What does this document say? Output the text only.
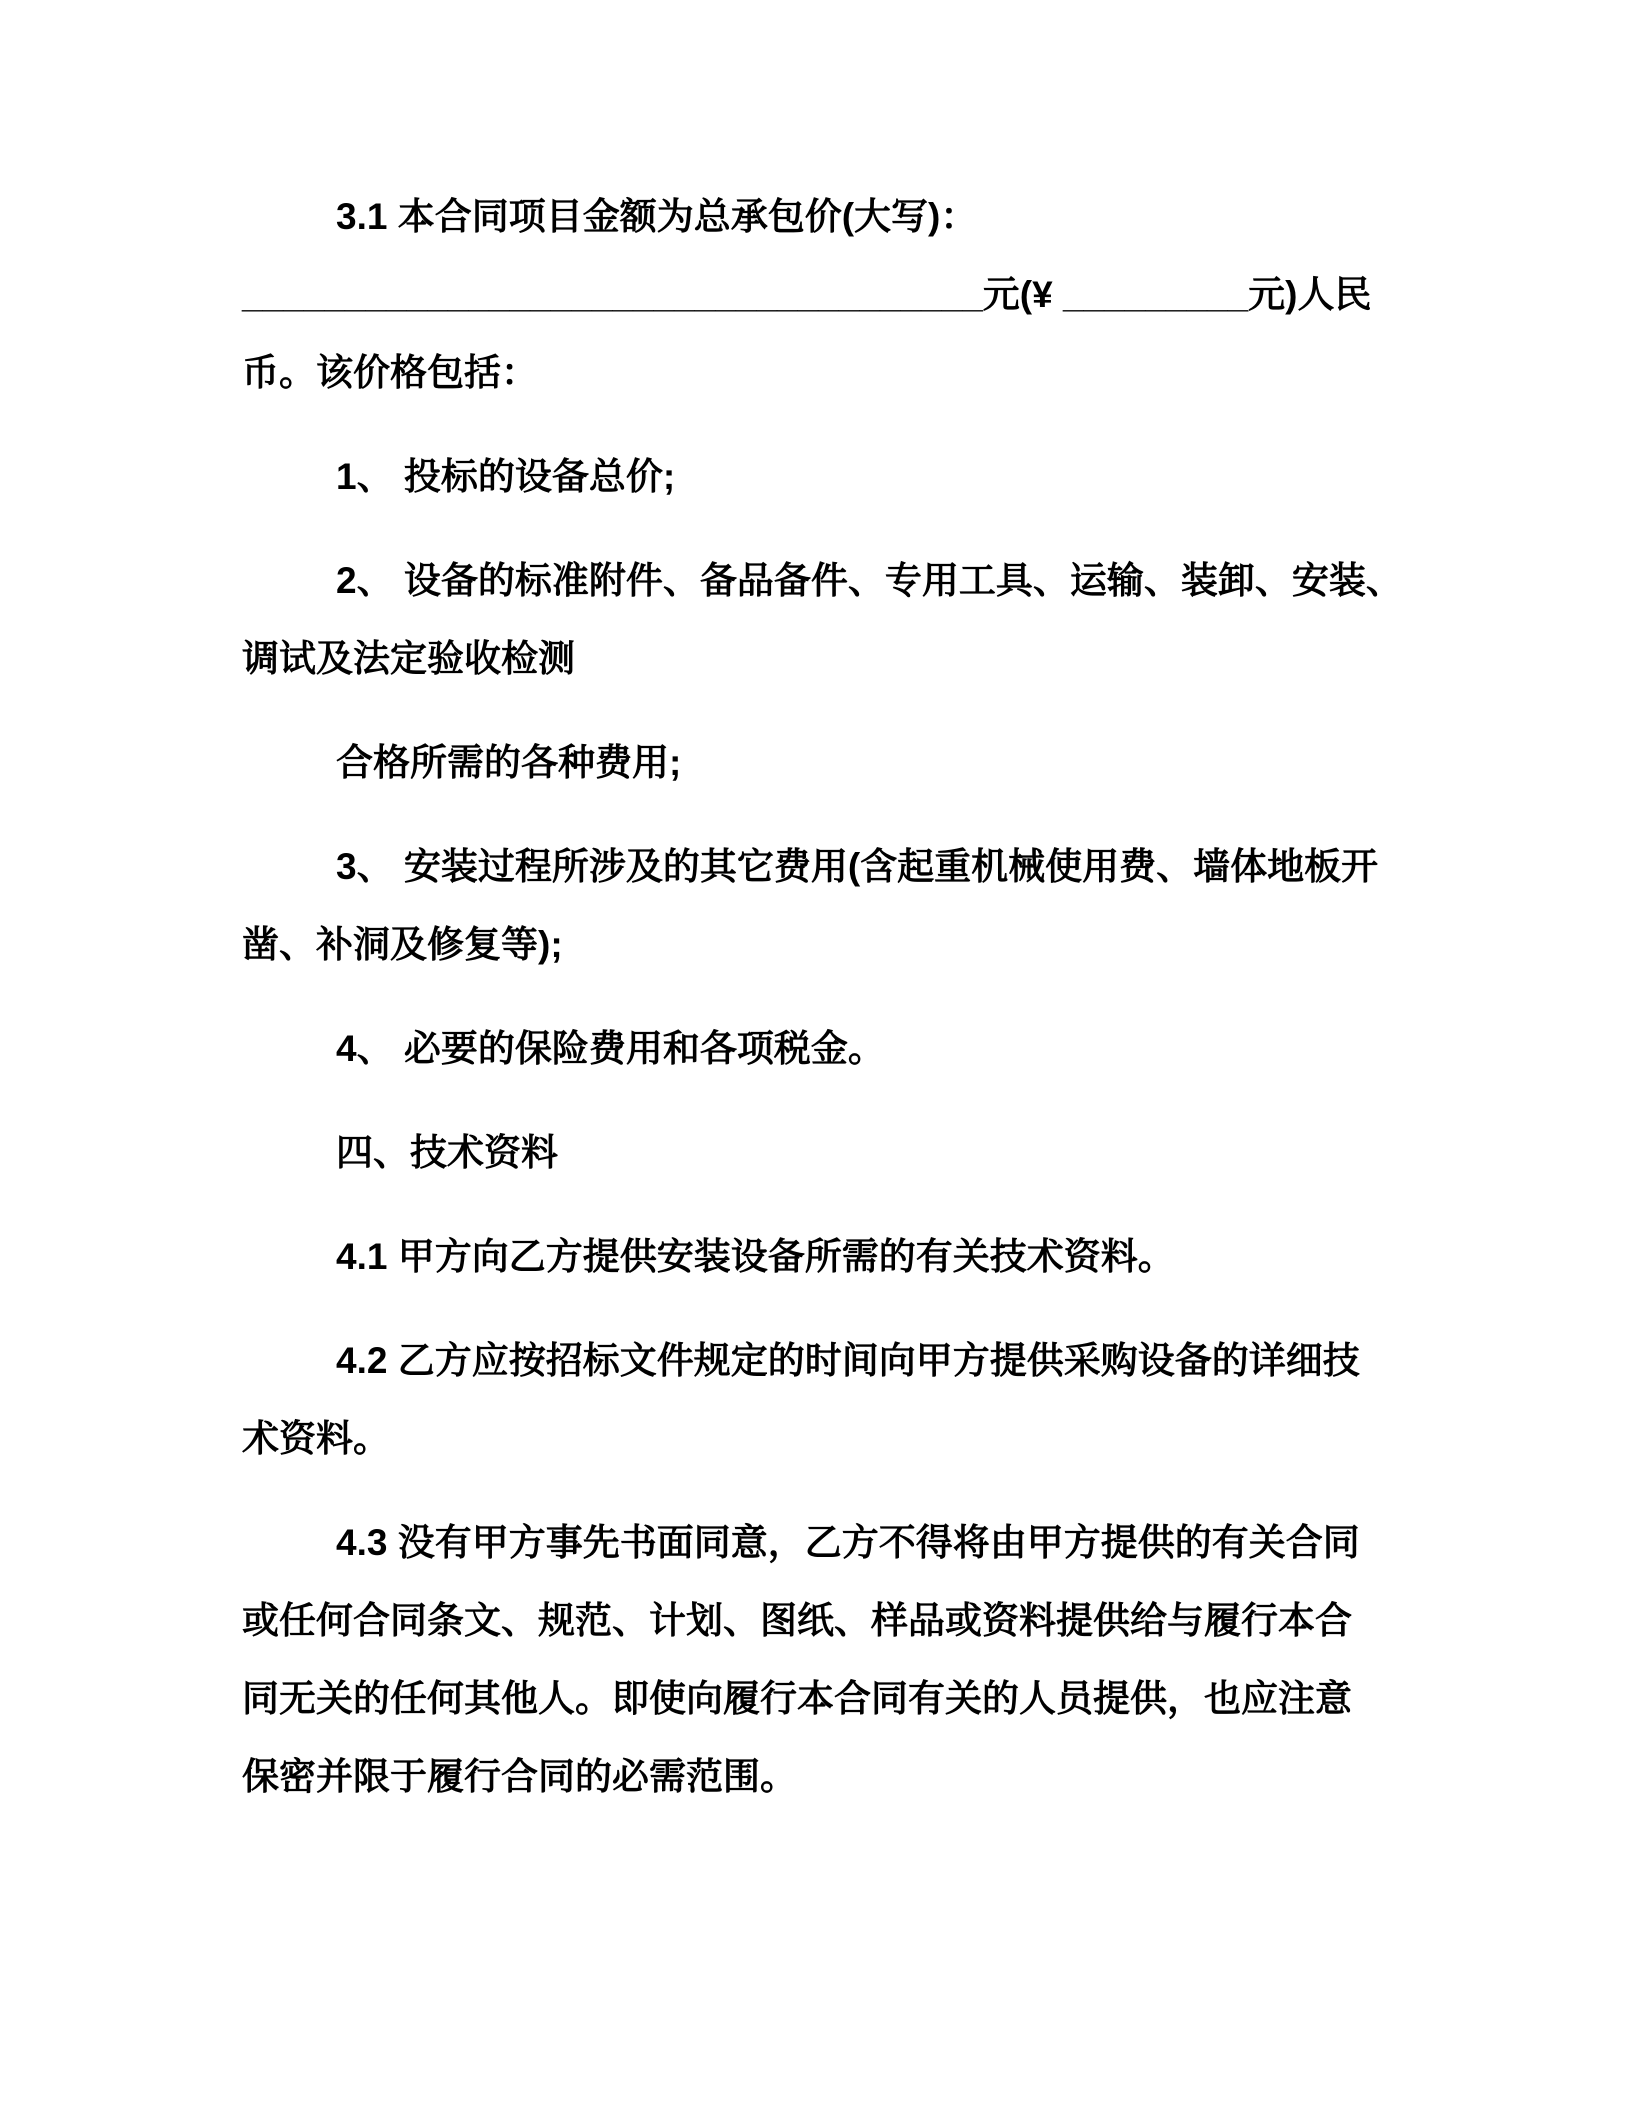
3.1 本合同项目金额为总承包价(大写)：
____________________________________元(¥ _________元)人民
币。该价格包括：

1、 投标的设备总价;

2、 设备的标准附件、备品备件、专用工具、运输、装卸、安装、
调试及法定验收检测

合格所需的各种费用;

3、 安装过程所涉及的其它费用(含起重机械使用费、墙体地板开
凿、补洞及修复等);

4、 必要的保险费用和各项税金。

四、技术资料

4.1 甲方向乙方提供安装设备所需的有关技术资料。

4.2 乙方应按招标文件规定的时间向甲方提供采购设备的详细技
术资料。

4.3 没有甲方事先书面同意，乙方不得将由甲方提供的有关合同
或任何合同条文、规范、计划、图纸、样品或资料提供给与履行本合
同无关的任何其他人。即使向履行本合同有关的人员提供，也应注意
保密并限于履行合同的必需范围。
